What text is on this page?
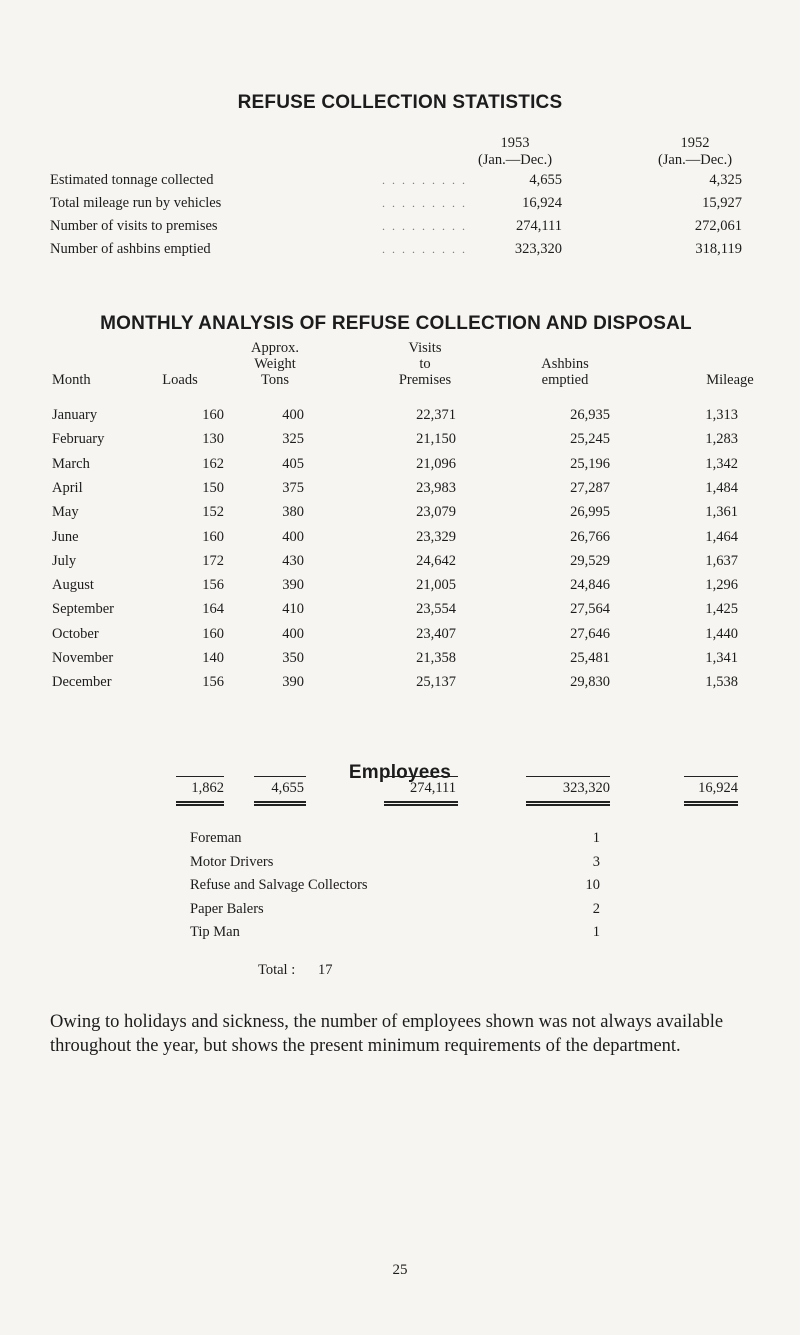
REFUSE COLLECTION STATISTICS
1953
(Jan.—Dec.)
1952
(Jan.—Dec.)
Estimated tonnage collected	4,655	4,325
. . . . . . . . .
Total mileage run by vehicles	16,924	15,927
. . . . . . . . .
Number of visits to premises	274,111	272,061
. . . . . . . . .
Number of ashbins emptied	323,320	318,119
. . . . . . . . .
MONTHLY ANALYSIS OF REFUSE COLLECTION AND DISPOSAL
Month	Loads
Approx.
Weight
Tons
Visits
to
Premises
Ashbins
emptied	Mileage
January	160	400	22,371	26,935	1,313
February	130	325	21,150	25,245	1,283
March	162	405	21,096	25,196	1,342
April	150	375	23,983	27,287	1,484
May	152	380	23,079	26,995	1,361
June	160	400	23,329	26,766	1,464
July	172	430	24,642	29,529	1,637
August	156	390	21,005	24,846	1,296
September	164	410	23,554	27,564	1,425
October	160	400	23,407	27,646	1,440
November	140	350	21,358	25,481	1,341
December	156	390	25,137	29,830	1,538
1,862	4,655	274,111	323,320	16,924
Employees
Foreman	1
Motor Drivers	3
Refuse and Salvage Collectors	10
Paper Balers	2
Tip Man	1
Total : 17
Owing to holidays and sickness, the number of employees shown was not always available throughout the year, but shows the present minimum requirements of the department.
25
